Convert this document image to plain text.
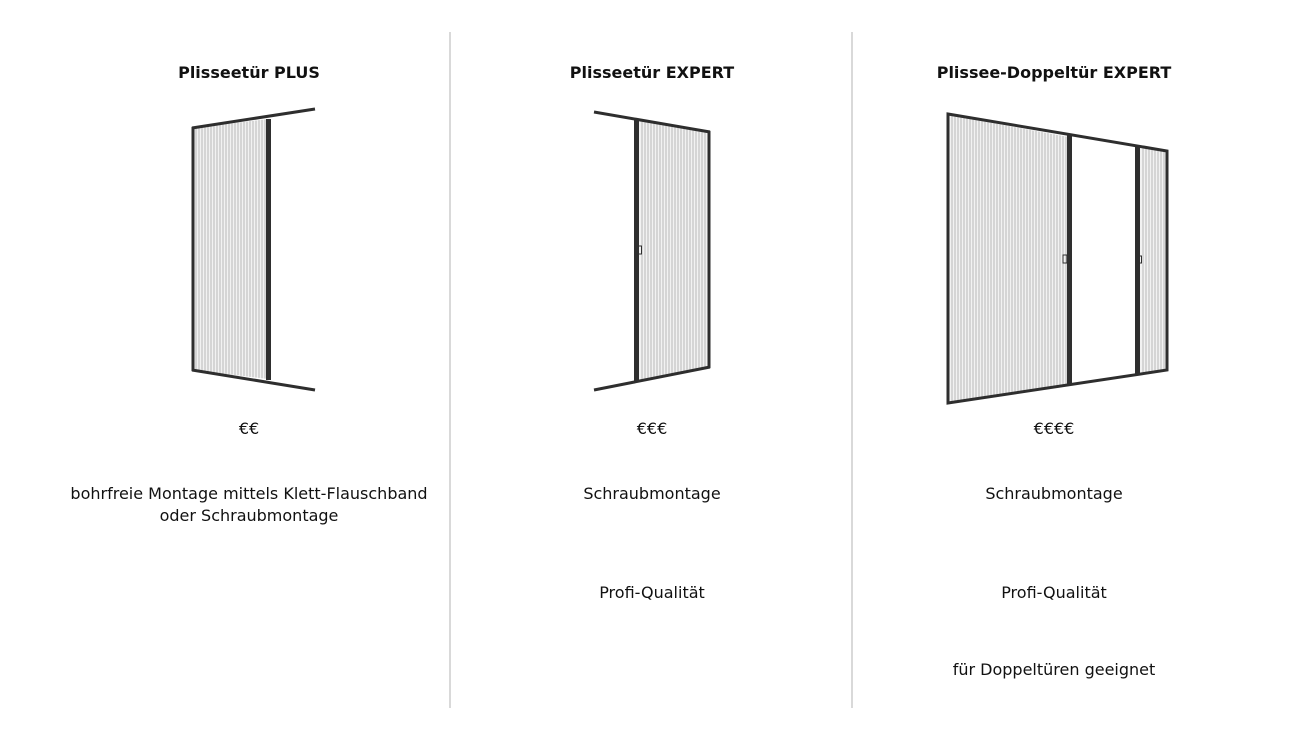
Plisseetür PLUS
€€
bohrfreie Montage mittels Klett-Flauschband
oder Schraubmontage
Plisseetür EXPERT
€€€
Schraubmontage
Profi-Qualität
Plissee-Doppeltür EXPERT
€€€€
Schraubmontage
Profi-Qualität
für Doppeltüren geeignet
